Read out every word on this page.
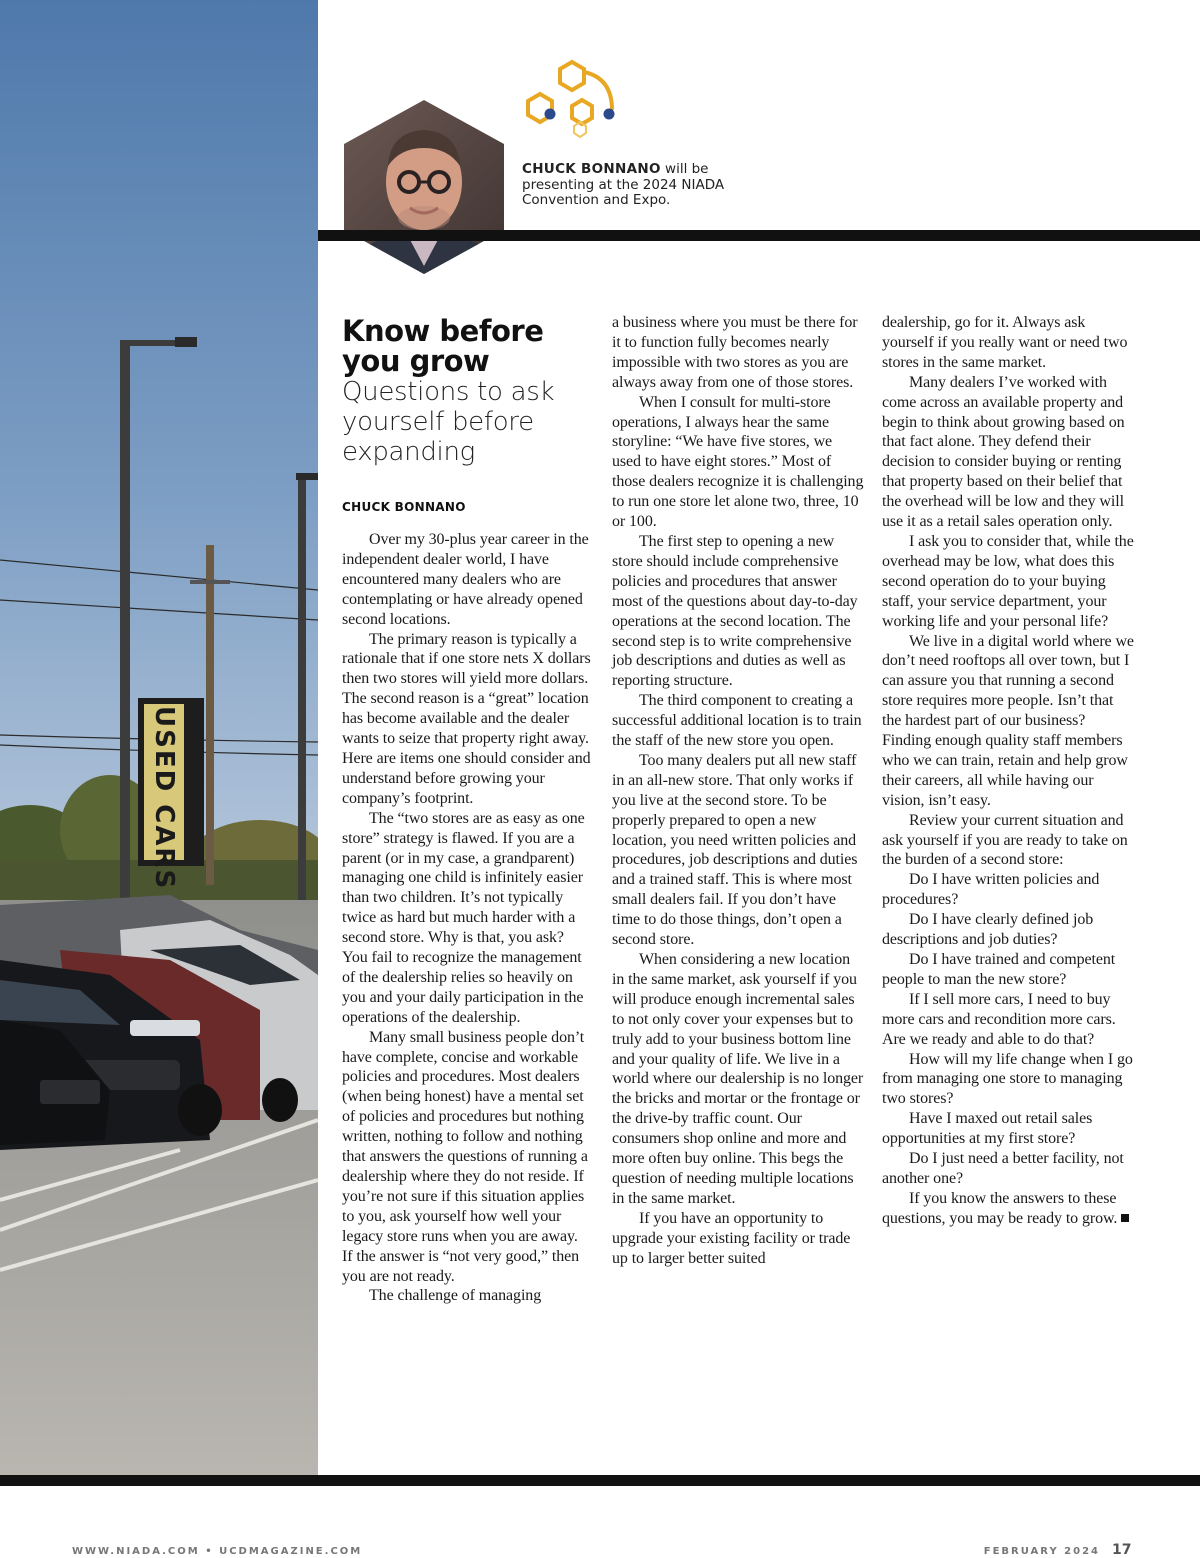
USED CARS
CHUCK BONNANO will be presenting at the 2024 NIADA Convention and Expo.
Know before you grow
Questions to ask yourself before expanding
CHUCK BONNANO

Over my 30-plus year career in the independent dealer world, I have encountered many dealers who are contemplating or have already opened second locations.

The primary reason is typically a rationale that if one store nets X dollars then two stores will yield more dollars. The second reason is a “great” location has become available and the dealer wants to seize that property right away. Here are items one should consider and understand before growing your company’s footprint.

The “two stores are as easy as one store” strategy is flawed. If you are a parent (or in my case, a grandparent) managing one child is infinitely easier than two children. It’s not typically twice as hard but much harder with a second store. Why is that, you ask? You fail to recognize the management of the dealership relies so heavily on you and your daily participation in the operations of the dealership.

Many small business people don’t have complete, concise and workable policies and procedures. Most dealers (when being honest) have a mental set of policies and procedures but nothing written, nothing to follow and nothing that answers the questions of running a dealership where they do not reside. If you’re not sure if this situation applies to you, ask yourself how well your legacy store runs when you are away. If the answer is “not very good,” then you are not ready.

The challenge of managing

a business where you must be there for it to function fully becomes nearly impossible with two stores as you are always away from one of those stores.

When I consult for multi-store operations, I always hear the same storyline: “We have five stores, we used to have eight stores.” Most of those dealers recognize it is challenging to run one store let alone two, three, 10 or 100.

The first step to opening a new store should include comprehensive policies and procedures that answer most of the questions about day-to-day operations at the second location. The second step is to write comprehensive job descriptions and duties as well as reporting structure.

The third component to creating a successful additional location is to train the staff of the new store you open.

Too many dealers put all new staff in an all-new store. That only works if you live at the second store. To be properly prepared to open a new location, you need written policies and procedures, job descriptions and duties and a trained staff. This is where most small dealers fail. If you don’t have time to do those things, don’t open a second store.

When considering a new location in the same market, ask yourself if you will produce enough incremental sales to not only cover your expenses but to truly add to your business bottom line and your quality of life. We live in a world where our dealership is no longer the bricks and mortar or the frontage or the drive-by traffic count. Our consumers shop online and more and more often buy online. This begs the question of needing multiple locations in the same market.

If you have an opportunity to upgrade your existing facility or trade up to larger better suited

dealership, go for it. Always ask yourself if you really want or need two stores in the same market.

Many dealers I’ve worked with come across an available property and begin to think about growing based on that fact alone. They defend their decision to consider buying or renting that property based on their belief that the overhead will be low and they will use it as a retail sales operation only.

I ask you to consider that, while the overhead may be low, what does this second operation do to your buying staff, your service department, your working life and your personal life?

We live in a digital world where we don’t need rooftops all over town, but I can assure you that running a second store requires more people. Isn’t that the hardest part of our business? Finding enough quality staff members who we can train, retain and help grow their careers, all while having our vision, isn’t easy.

Review your current situation and ask yourself if you are ready to take on the burden of a second store:

Do I have written policies and procedures?

Do I have clearly defined job descriptions and job duties?

Do I have trained and competent people to man the new store?

If I sell more cars, I need to buy more cars and recondition more cars. Are we ready and able to do that?

How will my life change when I go from managing one store to managing two stores?

Have I maxed out retail sales opportunities at my first store?

Do I just need a better facility, not another one?

If you know the answers to these questions, you may be ready to grow.

WWW.NIADA.COM • UCDMAGAZINE.COM	FEBRUARY 2024 17
